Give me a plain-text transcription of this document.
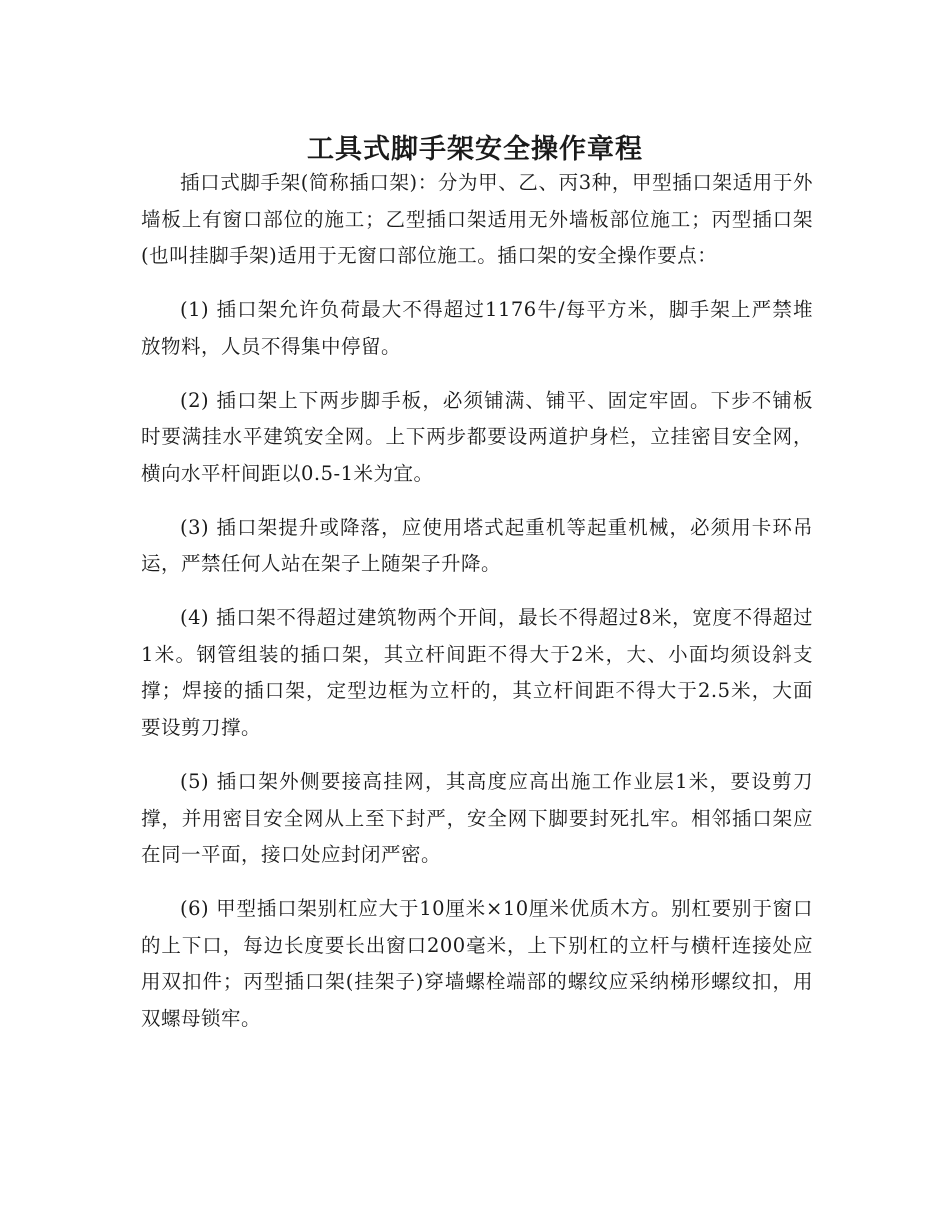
工具式脚手架安全操作章程

插口式脚手架(简称插口架)：分为甲、乙、丙3种，甲型插口架适用于外墙板上有窗口部位的施工；乙型插口架适用无外墙板部位施工；丙型插口架(也叫挂脚手架)适用于无窗口部位施工。插口架的安全操作要点：

(1) 插口架允许负荷最大不得超过1176牛/每平方米，脚手架上严禁堆放物料，人员不得集中停留。

(2) 插口架上下两步脚手板，必须铺满、铺平、固定牢固。下步不铺板时要满挂水平建筑安全网。上下两步都要设两道护身栏，立挂密目安全网，横向水平杆间距以0.5-1米为宜。

(3) 插口架提升或降落，应使用塔式起重机等起重机械，必须用卡环吊运，严禁任何人站在架子上随架子升降。

(4) 插口架不得超过建筑物两个开间，最长不得超过8米，宽度不得超过1米。钢管组装的插口架，其立杆间距不得大于2米，大、小面均须设斜支撑；焊接的插口架，定型边框为立杆的，其立杆间距不得大于2.5米，大面要设剪刀撑。

(5) 插口架外侧要接高挂网，其高度应高出施工作业层1米，要设剪刀撑，并用密目安全网从上至下封严，安全网下脚要封死扎牢。相邻插口架应在同一平面，接口处应封闭严密。

(6) 甲型插口架别杠应大于10厘米×10厘米优质木方。别杠要别于窗口的上下口，每边长度要长出窗口200毫米，上下别杠的立杆与横杆连接处应用双扣件；丙型插口架(挂架子)穿墙螺栓端部的螺纹应采纳梯形螺纹扣，用双螺母锁牢。
